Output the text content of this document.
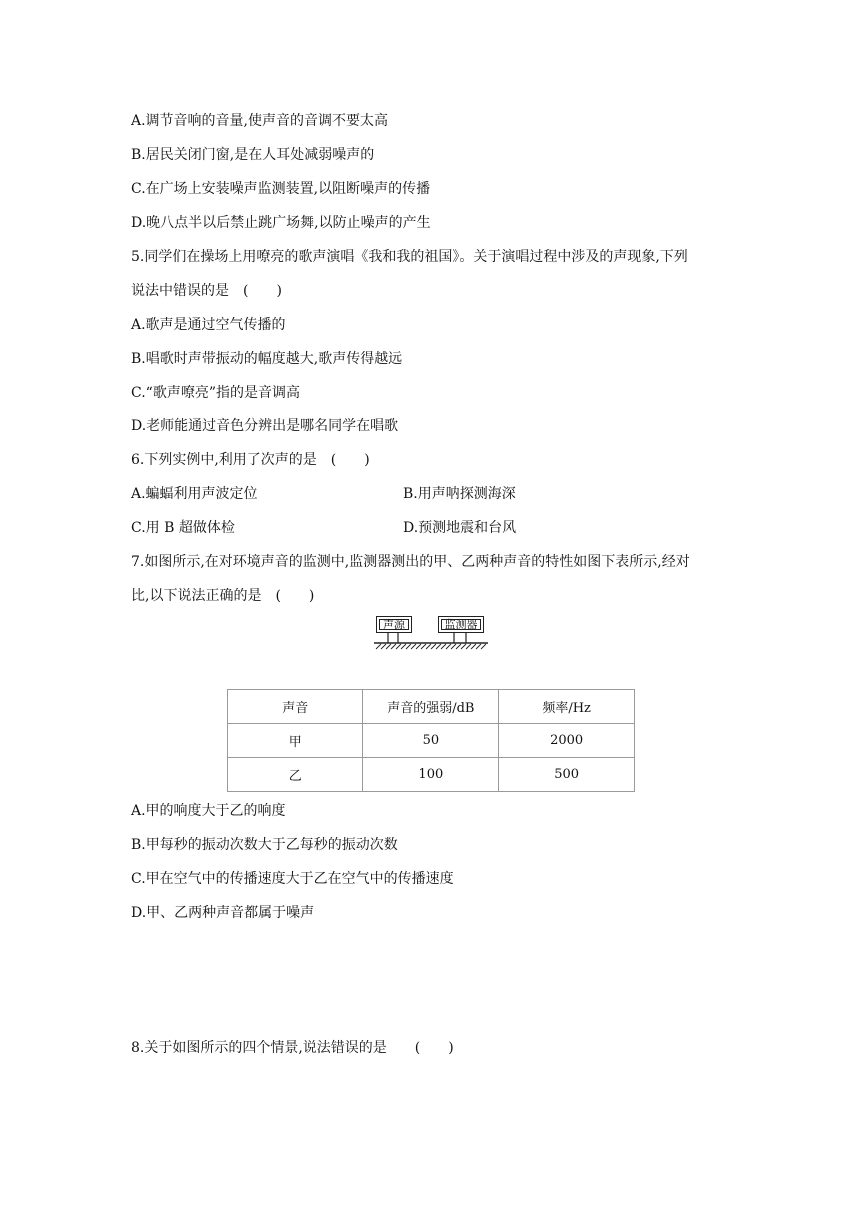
A.调节音响的音量,使声音的音调不要太高
B.居民关闭门窗,是在人耳处减弱噪声的
C.在广场上安装噪声监测装置,以阻断噪声的传播
D.晚八点半以后禁止跳广场舞,以防止噪声的产生
5.同学们在操场上用嘹亮的歌声演唱《我和我的祖国》。关于演唱过程中涉及的声现象,下列
说法中错误的是　(　　)
A.歌声是通过空气传播的
B.唱歌时声带振动的幅度越大,歌声传得越远
C.“歌声嘹亮”指的是音调高
D.老师能通过音色分辨出是哪名同学在唱歌
6.下列实例中,利用了次声的是　(　　)
A.蝙蝠利用声波定位	B.用声呐探测海深
C.用 B 超做体检	D.预测地震和台风
7.如图所示,在对环境声音的监测中,监测器测出的甲、乙两种声音的特性如图下表所示,经对
比,以下说法正确的是　(　　)
声源	监测器
声音	声音的强弱/dB	频率/Hz
甲	50	2000
乙	100	500
A.甲的响度大于乙的响度
B.甲每秒的振动次数大于乙每秒的振动次数
C.甲在空气中的传播速度大于乙在空气中的传播速度
D.甲、乙两种声音都属于噪声
8.关于如图所示的四个情景,说法错误的是　　(　　)
